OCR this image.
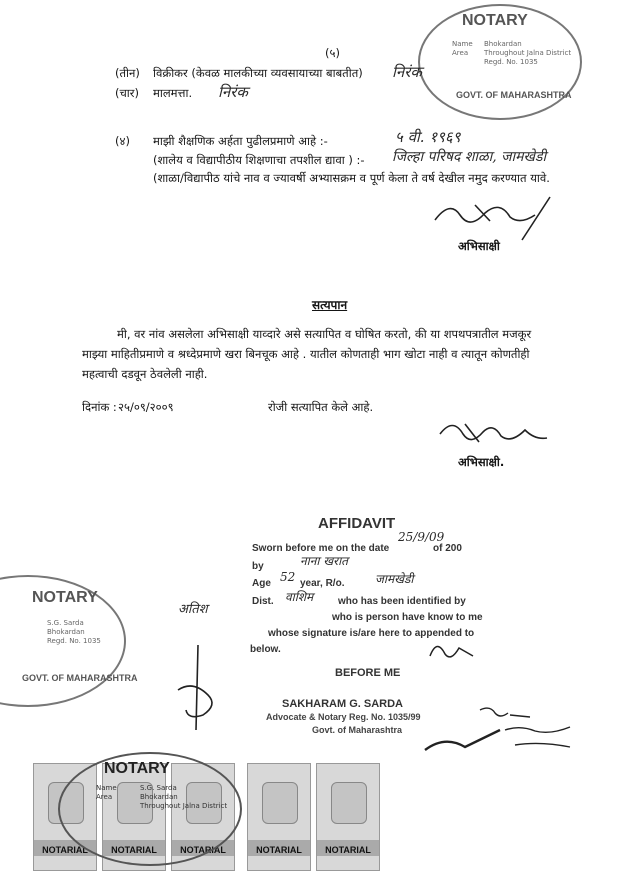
NOTARY
Name
Area
Bhokardan
Throughout Jalna District
Regd. No. 1035
GOVT. OF MAHARASHTRA
(५)
(तीन) विक्रीकर (केवळ मालकीच्या व्यवसायाच्या बाबतीत) निरंक
(चार) मालमत्ता. निरंक
(४) माझी शैक्षणिक अर्हता पुढीलप्रमाणे आहे :-	५ वी. १९६९
(शालेय व विद्यापीठीय शिक्षणाचा तपशील द्यावा ) :- जिल्हा परिषद शाळा, जामखेडी
(शाळा/विद्यापीठ यांचे नाव व ज्यावर्षी अभ्यासक्रम व पूर्ण केला ते वर्ष देखील नमुद करण्यात यावे.
अभिसाक्षी
सत्यपान
मी, वर नांव असलेला अभिसाक्षी याव्दारे असे सत्यापित व घोषित करतो, की या शपथपत्रातील मजकूर
माझ्या माहितीप्रमाणे व श्रध्देप्रमाणे खरा बिनचूक आहे . यातील कोणताही भाग खोटा नाही व त्यातून कोणतीही
महत्वाची दडवून ठेवलेली नाही.
दिनांक : २५/०९/२००९	रोजी सत्यापित केले आहे.
अभिसाक्षी.
AFFIDAVIT
Sworn before me on the date	of 200
25/9/09
by	नाना खरात
Age 52 year, R/o.	जामखेडी
Dist. वाशिम who has been identified by
अतिश
who is person have know to me
whose signature is/are here to appended to
below.
BEFORE ME
SAKHARAM G. SARDA
Advocate & Notary Reg. No. 1035/99
Govt. of Maharashtra
NOTARY
S.G. Sarda
Bhokardan
Regd. No. 1035
GOVT. OF MAHARASHTRA
NOTARIAL	NOTARIAL	NOTARIAL	NOTARIAL	NOTARIAL
NOTARY
Name
Area
S.G. Sarda
Bhokardan
Throughout Jalna District
